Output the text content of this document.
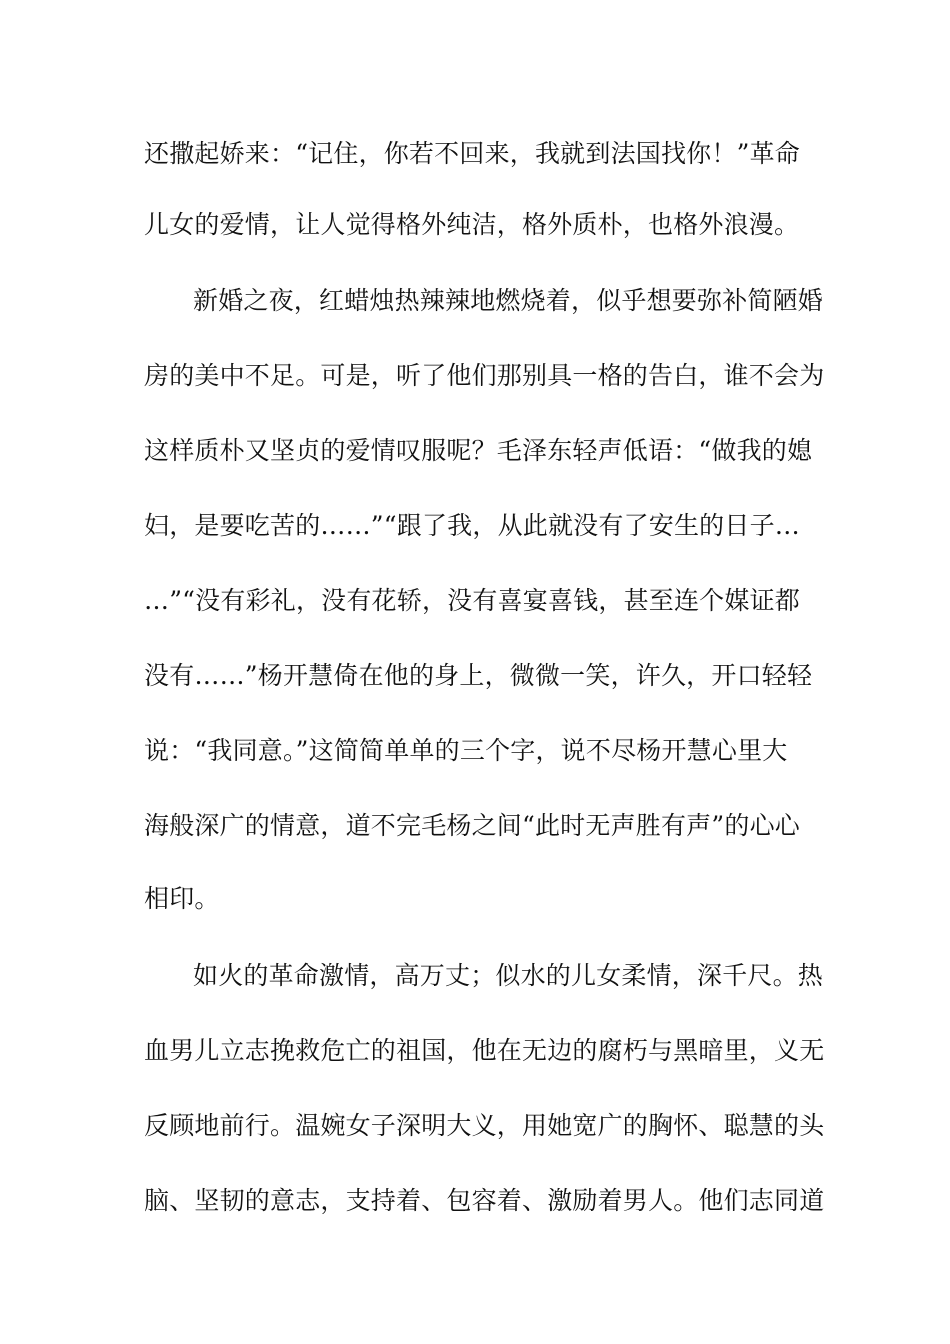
还撒起娇来：“记住，你若不回来，我就到法国找你！”革命
儿女的爱情，让人觉得格外纯洁，格外质朴，也格外浪漫。
新婚之夜，红蜡烛热辣辣地燃烧着，似乎想要弥补简陋婚
房的美中不足。可是，听了他们那别具一格的告白，谁不会为
这样质朴又坚贞的爱情叹服呢？毛泽东轻声低语：“做我的媳
妇，是要吃苦的……”“跟了我，从此就没有了安生的日子…
…”“没有彩礼，没有花轿，没有喜宴喜钱，甚至连个媒证都
没有……”杨开慧倚在他的身上，微微一笑，许久，开口轻轻
说：“我同意。”这简简单单的三个字，说不尽杨开慧心里大
海般深广的情意，道不完毛杨之间“此时无声胜有声”的心心
相印。
如火的革命激情，高万丈；似水的儿女柔情，深千尺。热
血男儿立志挽救危亡的祖国，他在无边的腐朽与黑暗里，义无
反顾地前行。温婉女子深明大义，用她宽广的胸怀、聪慧的头
脑、坚韧的意志，支持着、包容着、激励着男人。他们志同道
